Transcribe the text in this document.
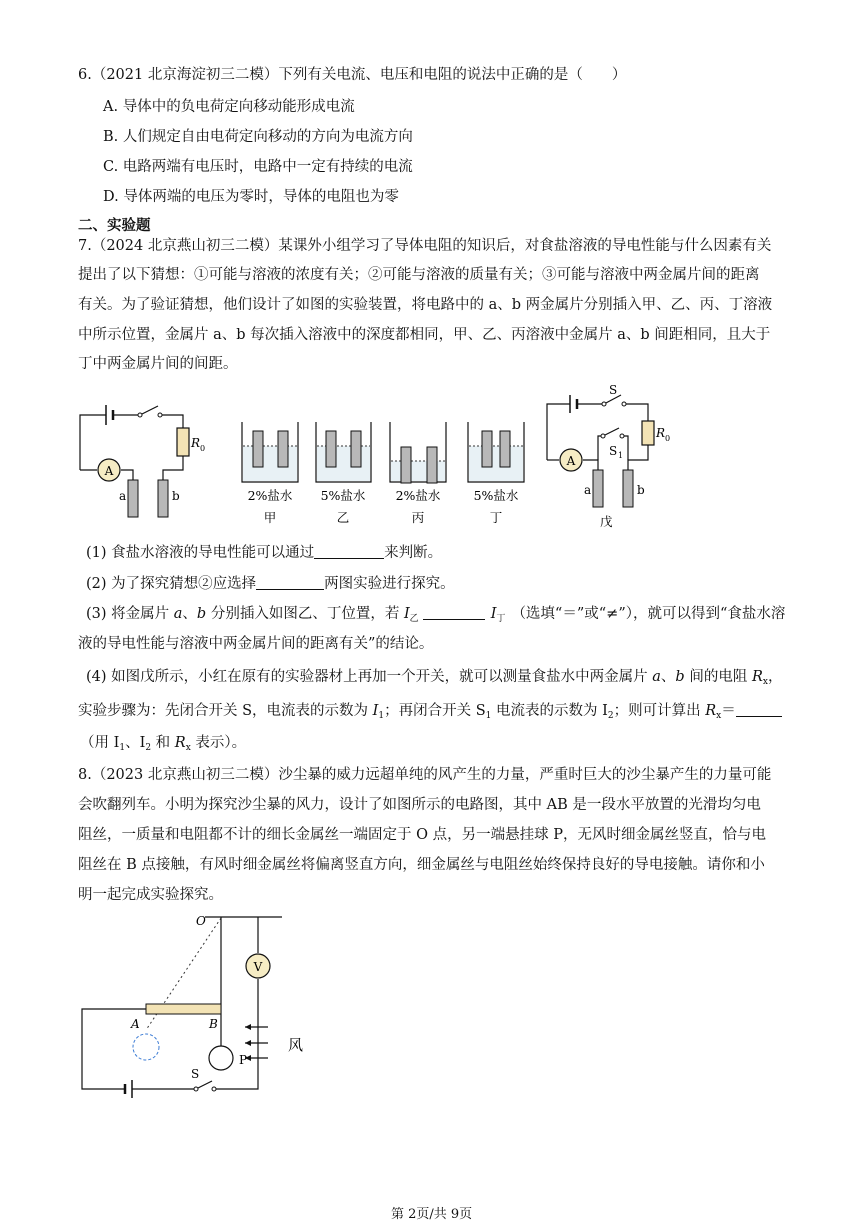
6.（2021 北京海淀初三二模）下列有关电流、电压和电阻的说法中正确的是（　　）
A. 导体中的负电荷定向移动能形成电流
B. 人们规定自由电荷定向移动的方向为电流方向
C. 电路两端有电压时，电路中一定有持续的电流
D. 导体两端的电压为零时，导体的电阻也为零
二、实验题
7.（2024 北京燕山初三二模）某课外小组学习了导体电阻的知识后，对食盐溶液的导电性能与什么因素有关
提出了以下猜想：①可能与溶液的浓度有关；②可能与溶液的质量有关；③可能与溶液中两金属片间的距离
有关。为了验证猜想，他们设计了如图的实验装置，将电路中的 a、b 两金属片分别插入甲、乙、丙、丁溶液
中所示位置，金属片 a、b 每次插入溶液中的深度都相同，甲、乙、丙溶液中金属片 a、b 间距相同，且大于
丁中两金属片间的间距。
A
a	b
R 0
2%盐水 5%盐水 2%盐水	5%盐水
甲	乙	丙	丁
A
a	b
R 0
S
S 1
戊
(1) 食盐水溶液的导电性能可以通过	来判断。
(2) 为了探究猜想②应选择	两图实验进行探究。
(3) 将金属片 a、b 分别插入如图乙、丁位置，若 $I_乙$	$I_丁$ （选填“＝”或“≠”），就可以得到“食盐水溶
液的导电性能与溶液中两金属片间的距离有关”的结论。
(4) 如图戊所示，小红在原有的实验器材上再加一个开关，就可以测量食盐水中两金属片 a、b 间的电阻 $R_x$，
实验步骤为：先闭合开关 S，电流表的示数为 $I_1$；再闭合开关 $S_1$ 电流表的示数为 $I_2$；则可计算出 $R_x=$
（用 $I_1$、$I_2$ 和 $R_x$ 表示）。
8.（2023 北京燕山初三二模）沙尘暴的威力远超单纯的风产生的力量，严重时巨大的沙尘暴产生的力量可能
会吹翻列车。小明为探究沙尘暴的风力，设计了如图所示的电路图，其中 AB 是一段水平放置的光滑均匀电
阻丝，一质量和电阻都不计的细长金属丝一端固定于 O 点，另一端悬挂球 P，无风时细金属丝竖直，恰与电
阻丝在 B 点接触，有风时细金属丝将偏离竖直方向，细金属丝与电阻丝始终保持良好的导电接触。请你和小
明一起完成实验探究。
V
O
A	B
P
风
S
第 2页/共 9页
